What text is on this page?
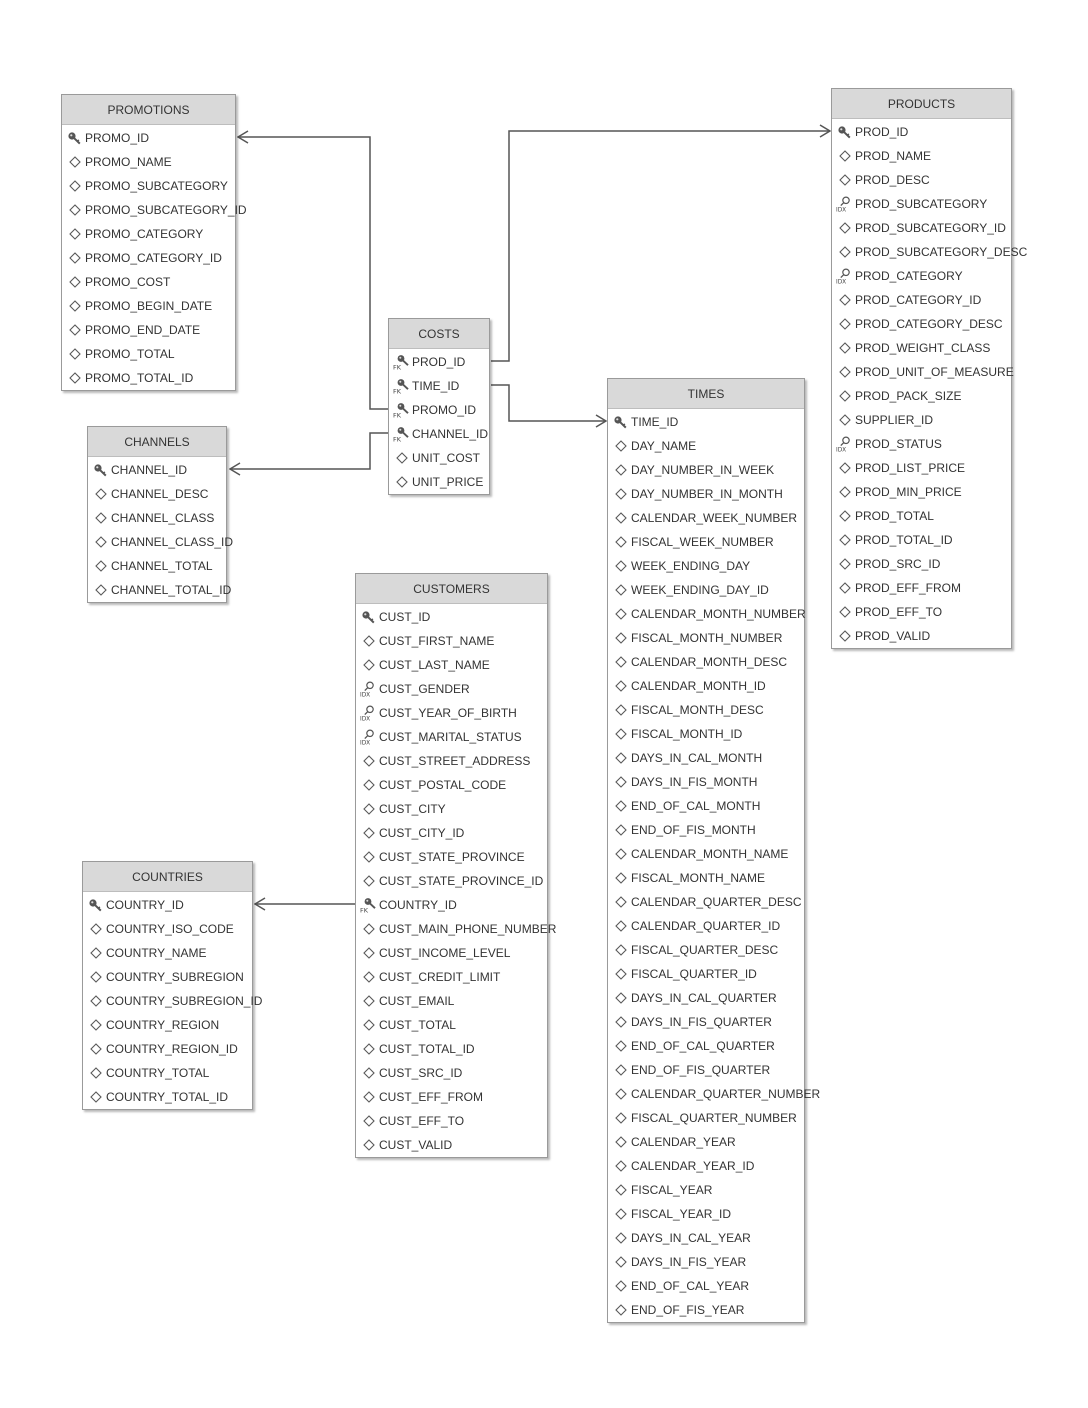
PROMOTIONS
PROMO_ID
PROMO_NAME
PROMO_SUBCATEGORY
PROMO_SUBCATEGORY_ID
PROMO_CATEGORY
PROMO_CATEGORY_ID
PROMO_COST
PROMO_BEGIN_DATE
PROMO_END_DATE
PROMO_TOTAL
PROMO_TOTAL_ID
CHANNELS
CHANNEL_ID
CHANNEL_DESC
CHANNEL_CLASS
CHANNEL_CLASS_ID
CHANNEL_TOTAL
CHANNEL_TOTAL_ID
COSTS
FK PROD_ID
FK TIME_ID
FK PROMO_ID
FK CHANNEL_ID
UNIT_COST
UNIT_PRICE
PRODUCTS
PROD_ID
PROD_NAME
PROD_DESC
IDX PROD_SUBCATEGORY
PROD_SUBCATEGORY_ID
PROD_SUBCATEGORY_DESC
IDX PROD_CATEGORY
PROD_CATEGORY_ID
PROD_CATEGORY_DESC
PROD_WEIGHT_CLASS
PROD_UNIT_OF_MEASURE
PROD_PACK_SIZE
SUPPLIER_ID
IDX PROD_STATUS
PROD_LIST_PRICE
PROD_MIN_PRICE
PROD_TOTAL
PROD_TOTAL_ID
PROD_SRC_ID
PROD_EFF_FROM
PROD_EFF_TO
PROD_VALID
TIMES
TIME_ID
DAY_NAME
DAY_NUMBER_IN_WEEK
DAY_NUMBER_IN_MONTH
CALENDAR_WEEK_NUMBER
FISCAL_WEEK_NUMBER
WEEK_ENDING_DAY
WEEK_ENDING_DAY_ID
CALENDAR_MONTH_NUMBER
FISCAL_MONTH_NUMBER
CALENDAR_MONTH_DESC
CALENDAR_MONTH_ID
FISCAL_MONTH_DESC
FISCAL_MONTH_ID
DAYS_IN_CAL_MONTH
DAYS_IN_FIS_MONTH
END_OF_CAL_MONTH
END_OF_FIS_MONTH
CALENDAR_MONTH_NAME
FISCAL_MONTH_NAME
CALENDAR_QUARTER_DESC
CALENDAR_QUARTER_ID
FISCAL_QUARTER_DESC
FISCAL_QUARTER_ID
DAYS_IN_CAL_QUARTER
DAYS_IN_FIS_QUARTER
END_OF_CAL_QUARTER
END_OF_FIS_QUARTER
CALENDAR_QUARTER_NUMBER
FISCAL_QUARTER_NUMBER
CALENDAR_YEAR
CALENDAR_YEAR_ID
FISCAL_YEAR
FISCAL_YEAR_ID
DAYS_IN_CAL_YEAR
DAYS_IN_FIS_YEAR
END_OF_CAL_YEAR
END_OF_FIS_YEAR
CUSTOMERS
CUST_ID
CUST_FIRST_NAME
CUST_LAST_NAME
IDX CUST_GENDER
IDX CUST_YEAR_OF_BIRTH
IDX CUST_MARITAL_STATUS
CUST_STREET_ADDRESS
CUST_POSTAL_CODE
CUST_CITY
CUST_CITY_ID
CUST_STATE_PROVINCE
CUST_STATE_PROVINCE_ID
FK COUNTRY_ID
CUST_MAIN_PHONE_NUMBER
CUST_INCOME_LEVEL
CUST_CREDIT_LIMIT
CUST_EMAIL
CUST_TOTAL
CUST_TOTAL_ID
CUST_SRC_ID
CUST_EFF_FROM
CUST_EFF_TO
CUST_VALID
COUNTRIES
COUNTRY_ID
COUNTRY_ISO_CODE
COUNTRY_NAME
COUNTRY_SUBREGION
COUNTRY_SUBREGION_ID
COUNTRY_REGION
COUNTRY_REGION_ID
COUNTRY_TOTAL
COUNTRY_TOTAL_ID
